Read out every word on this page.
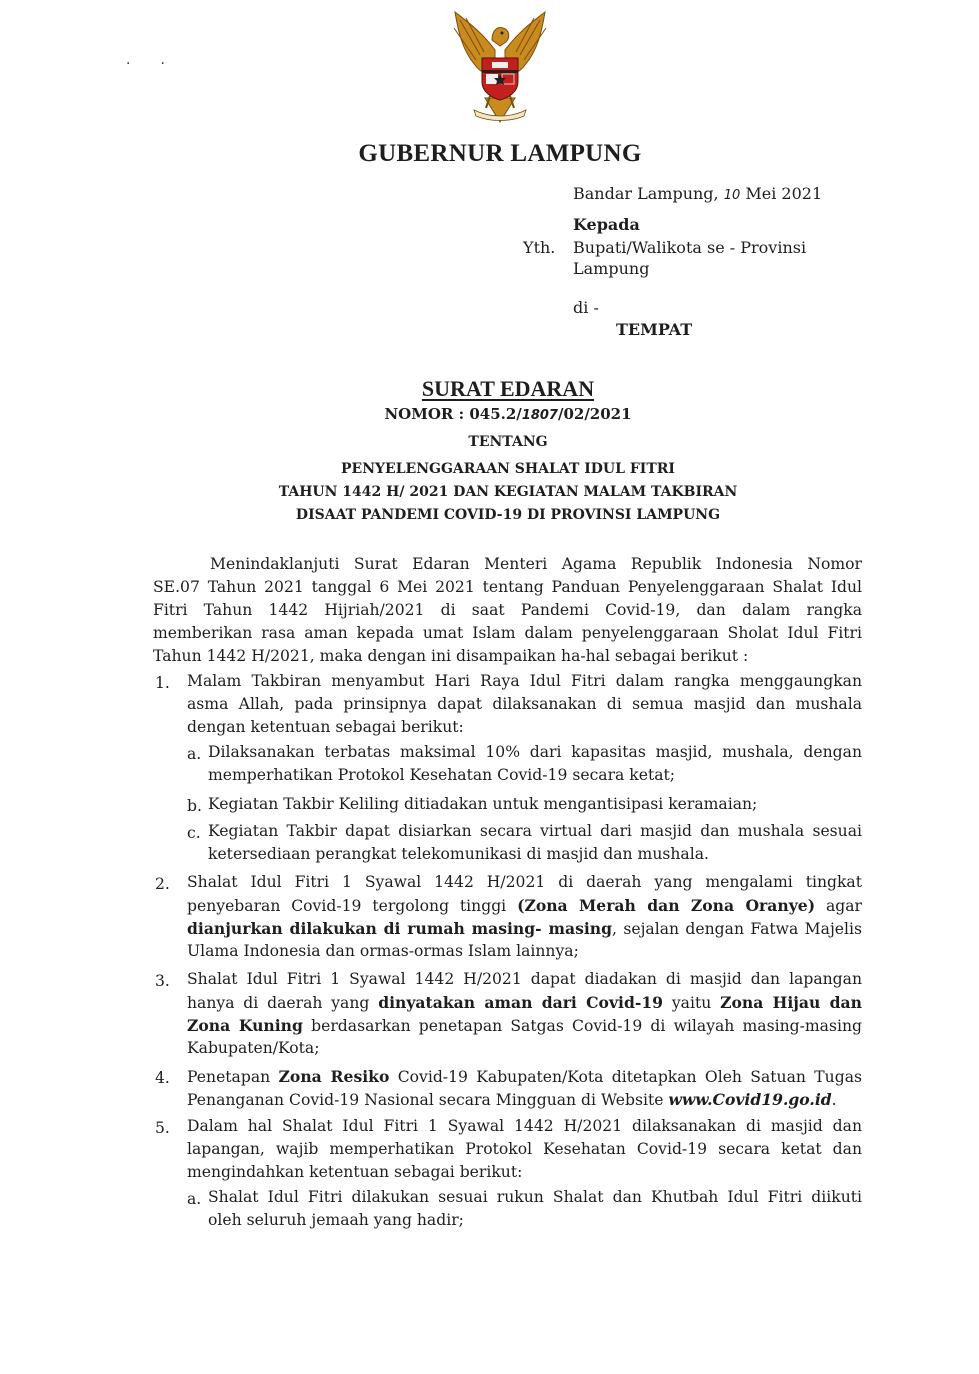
··
GUBERNUR LAMPUNG
Bandar Lampung, 10 Mei 2021
Kepada
Yth. Bupati/Walikota se - Provinsi
Lampung
di -
TEMPAT
SURAT EDARAN
NOMOR : 045.2/1807/02/2021
TENTANG
PENYELENGGARAAN SHALAT IDUL FITRI
TAHUN 1442 H/ 2021 DAN KEGIATAN MALAM TAKBIRAN
DISAAT PANDEMI COVID-19 DI PROVINSI LAMPUNG
Menindaklanjuti Surat Edaran Menteri Agama Republik Indonesia Nomor
SE.07 Tahun 2021 tanggal 6 Mei 2021 tentang Panduan Penyelenggaraan Shalat Idul
Fitri Tahun 1442 Hijriah/2021 di saat Pandemi Covid-19, dan dalam rangka
memberikan rasa aman kepada umat Islam dalam penyelenggaraan Sholat Idul Fitri
Tahun 1442 H/2021, maka dengan ini disampaikan ha-hal sebagai berikut :
1. Malam Takbiran menyambut Hari Raya Idul Fitri dalam rangka menggaungkan
asma Allah, pada prinsipnya dapat dilaksanakan di semua masjid dan mushala
dengan ketentuan sebagai berikut:
a. Dilaksanakan terbatas maksimal 10% dari kapasitas masjid, mushala, dengan
memperhatikan Protokol Kesehatan Covid-19 secara ketat;
b. Kegiatan Takbir Keliling ditiadakan untuk mengantisipasi keramaian;
c. Kegiatan Takbir dapat disiarkan secara virtual dari masjid dan mushala sesuai
ketersediaan perangkat telekomunikasi di masjid dan mushala.
2. Shalat Idul Fitri 1 Syawal 1442 H/2021 di daerah yang mengalami tingkat
penyebaran Covid-19 tergolong tinggi (Zona Merah dan Zona Oranye) agar
dianjurkan dilakukan di rumah masing- masing, sejalan dengan Fatwa Majelis
Ulama Indonesia dan ormas-ormas Islam lainnya;
3. Shalat Idul Fitri 1 Syawal 1442 H/2021 dapat diadakan di masjid dan lapangan
hanya di daerah yang dinyatakan aman dari Covid-19 yaitu Zona Hijau dan
Zona Kuning berdasarkan penetapan Satgas Covid-19 di wilayah masing-masing
Kabupaten/Kota;
4. Penetapan Zona Resiko Covid-19 Kabupaten/Kota ditetapkan Oleh Satuan Tugas
Penanganan Covid-19 Nasional secara Mingguan di Website www.Covid19.go.id.
5. Dalam hal Shalat Idul Fitri 1 Syawal 1442 H/2021 dilaksanakan di masjid dan
lapangan, wajib memperhatikan Protokol Kesehatan Covid-19 secara ketat dan
mengindahkan ketentuan sebagai berikut:
a. Shalat Idul Fitri dilakukan sesuai rukun Shalat dan Khutbah Idul Fitri diikuti
oleh seluruh jemaah yang hadir;
